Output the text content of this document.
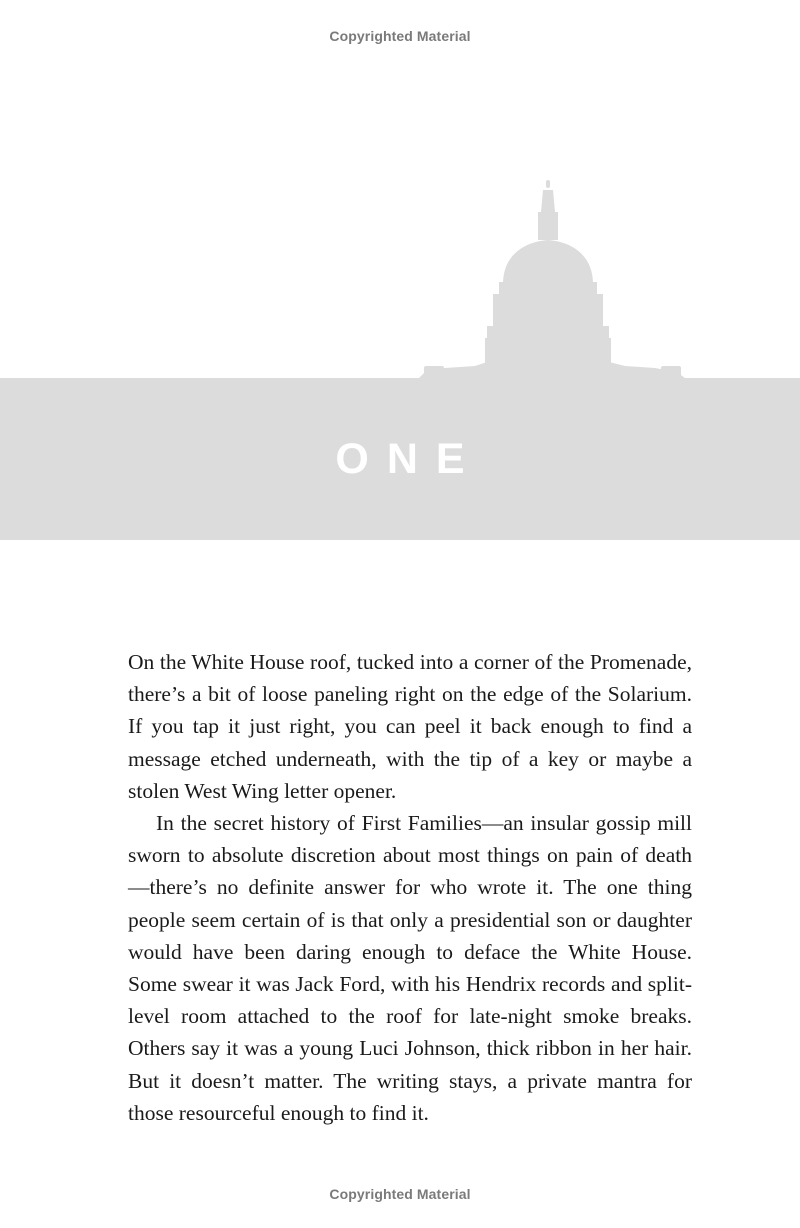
Copyrighted Material
ONE

On the White House roof, tucked into a corner of the Promenade, there’s a bit of loose paneling right on the edge of the Solarium. If you tap it just right, you can peel it back enough to find a message etched underneath, with the tip of a key or maybe a stolen West Wing letter opener.

In the secret history of First Families—an insular gossip mill sworn to absolute discretion about most things on pain of death—there’s no definite answer for who wrote it. The one thing people seem certain of is that only a presidential son or daughter would have been daring enough to deface the White House. Some swear it was Jack Ford, with his Hendrix records and split-level room attached to the roof for late-night smoke breaks. Others say it was a young Luci Johnson, thick ribbon in her hair. But it doesn’t matter. The writing stays, a private mantra for those resourceful enough to find it.

Copyrighted Material
